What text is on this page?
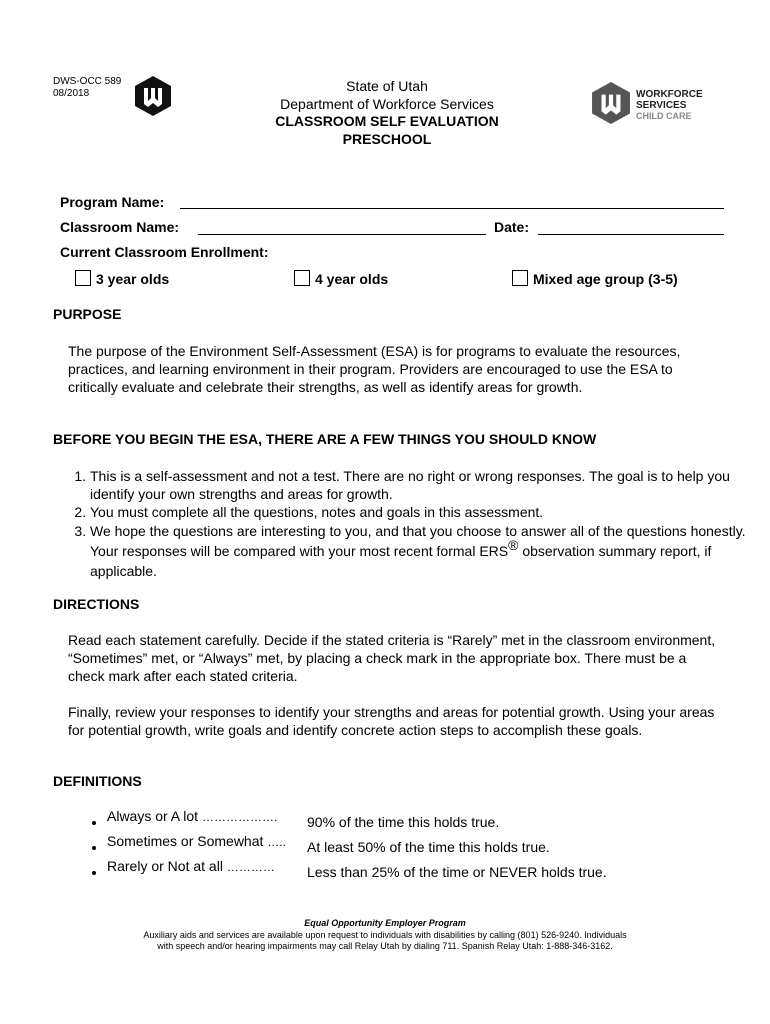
DWS-OCC 589
08/2018	State of Utah
Department of Workforce Services
CLASSROOM SELF EVALUATION
PRESCHOOL
WORKFORCE
SERVICES
CHILD CARE
Program Name:
Classroom Name:	Date:
Current Classroom Enrollment:
3 year olds	4 year olds	Mixed age group (3-5)
PURPOSE
The purpose of the Environment Self-Assessment (ESA) is for programs to evaluate the resources, practices, and learning environment in their program. Providers are encouraged to use the ESA to critically evaluate and celebrate their strengths, as well as identify areas for growth.
BEFORE YOU BEGIN THE ESA, THERE ARE A FEW THINGS YOU SHOULD KNOW
1. This is a self-assessment and not a test. There are no right or wrong responses. The goal is to help you identify your own strengths and areas for growth.
2. You must complete all the questions, notes and goals in this assessment.
3. We hope the questions are interesting to you, and that you choose to answer all of the questions honestly. Your responses will be compared with your most recent formal ERS® observation summary report, if applicable.
DIRECTIONS
Read each statement carefully. Decide if the stated criteria is “Rarely” met in the classroom environment, “Sometimes” met, or “Always” met, by placing a check mark in the appropriate box. There must be a check mark after each stated criteria.
Finally, review your responses to identify your strengths and areas for potential growth. Using your areas for potential growth, write goals and identify concrete action steps to accomplish these goals.
DEFINITIONS
• Always or A lot ………………. 90% of the time this holds true.
• Sometimes or Somewhat ….. At least 50% of the time this holds true.
• Rarely or Not at all ………… Less than 25% of the time or NEVER holds true.
Equal Opportunity Employer Program
Auxiliary aids and services are available upon request to individuals with disabilities by calling (801) 526-9240. Individuals
with speech and/or hearing impairments may call Relay Utah by dialing 711. Spanish Relay Utah: 1-888-346-3162.
